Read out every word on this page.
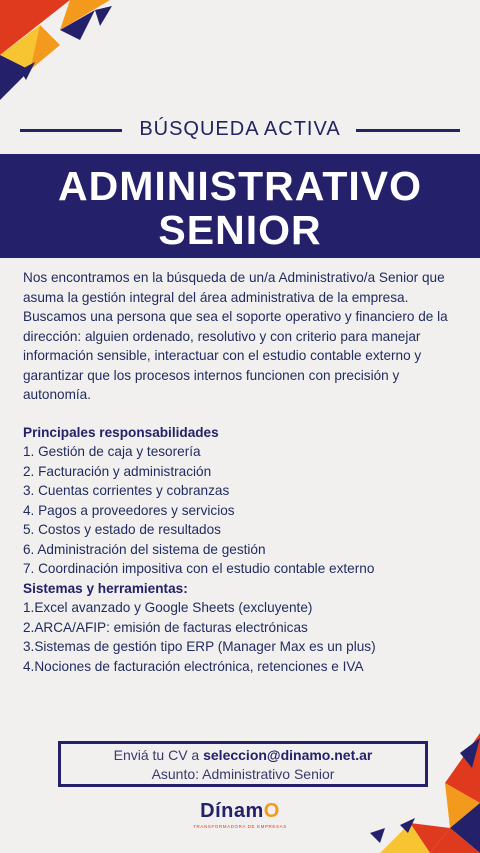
BÚSQUEDA ACTIVA
ADMINISTRATIVO
SENIOR

Nos encontramos en la búsqueda de un/a Administrativo/a Senior que asuma la gestión integral del área administrativa de la empresa. Buscamos una persona que sea el soporte operativo y financiero de la dirección: alguien ordenado, resolutivo y con criterio para manejar información sensible, interactuar con el estudio contable externo y garantizar que los procesos internos funcionen con precisión y autonomía.

Principales responsabilidades

1. Gestión de caja y tesorería
2. Facturación y administración
3. Cuentas corrientes y cobranzas
4. Pagos a proveedores y servicios
5. Costos y estado de resultados
6. Administración del sistema de gestión
7. Coordinación impositiva con el estudio contable externo

Sistemas y herramientas:

1.Excel avanzado y Google Sheets (excluyente)
2.ARCA/AFIP: emisión de facturas electrónicas
3.Sistemas de gestión tipo ERP (Manager Max es un plus)
4.Nociones de facturación electrónica, retenciones e IVA
Enviá tu CV a seleccion@dinamo.net.ar
Asunto: Administrativo Senior
DínamO
TRANSFORMADORA DE EMPRESAS
